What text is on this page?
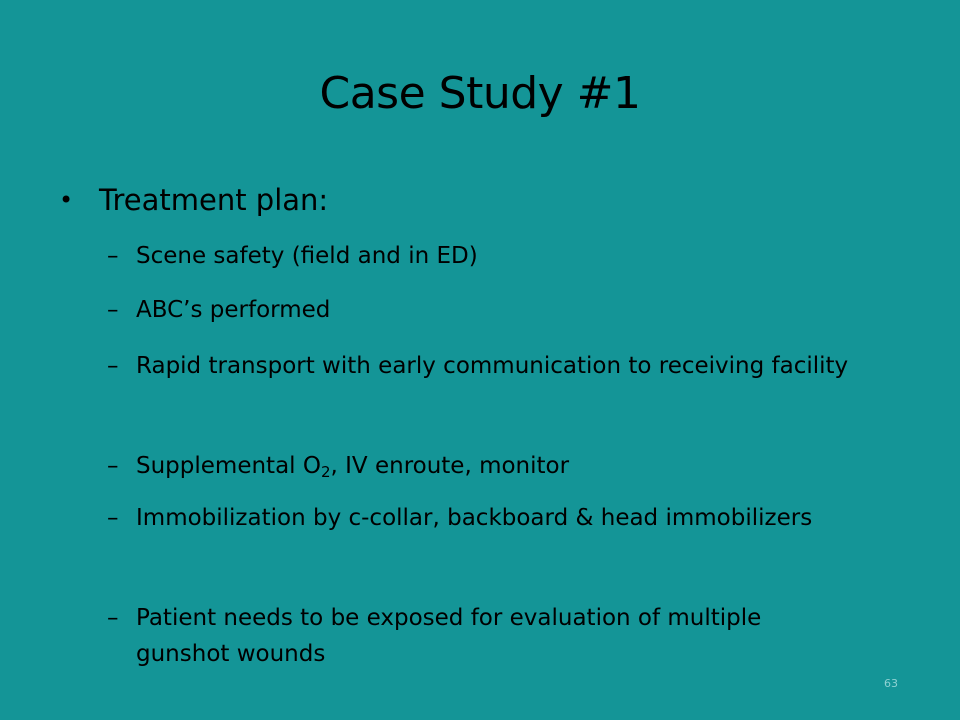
Case Study #1
• Treatment plan:
– Scene safety (field and in ED)
– ABC’s performed
– Rapid transport with early communication to receiving facility
– Supplemental $O_2$, IV enroute, monitor
– Immobilization by c-collar, backboard & head immobilizers
– Patient needs to be exposed for evaluation of multiple gunshot wounds
63
